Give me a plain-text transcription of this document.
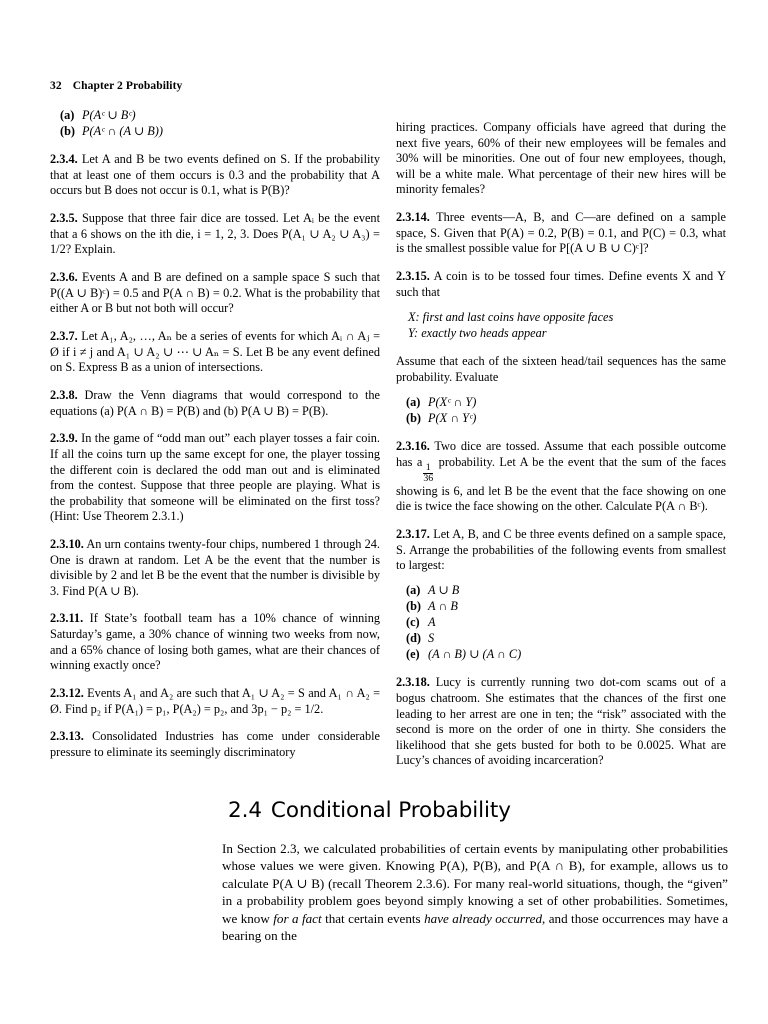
32 Chapter 2 Probability
(a) P(Aᶜ ∪ Bᶜ)
(b) P(Aᶜ ∩ (A ∪ B))

2.3.4. Let A and B be two events defined on S. If the probability that at least one of them occurs is 0.3 and the probability that A occurs but B does not occur is 0.1, what is P(B)?

2.3.5. Suppose that three fair dice are tossed. Let Aᵢ be the event that a 6 shows on the ith die, i = 1, 2, 3. Does P(A₁ ∪ A₂ ∪ A₃) = 1/2? Explain.

2.3.6. Events A and B are defined on a sample space S such that P((A ∪ B)ᶜ) = 0.5 and P(A ∩ B) = 0.2. What is the probability that either A or B but not both will occur?

2.3.7. Let A₁, A₂, …, Aₙ be a series of events for which Aᵢ ∩ Aⱼ = Ø if i ≠ j and A₁ ∪ A₂ ∪ ⋯ ∪ Aₙ = S. Let B be any event defined on S. Express B as a union of intersections.

2.3.8. Draw the Venn diagrams that would correspond to the equations (a) P(A ∩ B) = P(B) and (b) P(A ∪ B) = P(B).

2.3.9. In the game of “odd man out” each player tosses a fair coin. If all the coins turn up the same except for one, the player tossing the different coin is declared the odd man out and is eliminated from the contest. Suppose that three people are playing. What is the probability that someone will be eliminated on the first toss? (Hint: Use Theorem 2.3.1.)

2.3.10. An urn contains twenty-four chips, numbered 1 through 24. One is drawn at random. Let A be the event that the number is divisible by 2 and let B be the event that the number is divisible by 3. Find P(A ∪ B).

2.3.11. If State’s football team has a 10% chance of winning Saturday’s game, a 30% chance of winning two weeks from now, and a 65% chance of losing both games, what are their chances of winning exactly once?

2.3.12. Events A₁ and A₂ are such that A₁ ∪ A₂ = S and A₁ ∩ A₂ = Ø. Find p₂ if P(A₁) = p₁, P(A₂) = p₂, and 3p₁ − p₂ = 1/2.

2.3.13. Consolidated Industries has come under considerable pressure to eliminate its seemingly discriminatory

hiring practices. Company officials have agreed that during the next five years, 60% of their new employees will be females and 30% will be minorities. One out of four new employees, though, will be a white male. What percentage of their new hires will be minority females?

2.3.14. Three events—A, B, and C—are defined on a sample space, S. Given that P(A) = 0.2, P(B) = 0.1, and P(C) = 0.3, what is the smallest possible value for P[(A ∪ B ∪ C)ᶜ]?

2.3.15. A coin is to be tossed four times. Define events X and Y such that

X: first and last coins have opposite faces
Y: exactly two heads appear

Assume that each of the sixteen head/tail sequences has the same probability. Evaluate

(a) P(Xᶜ ∩ Y)
(b) P(X ∩ Yᶜ)

2.3.16. Two dice are tossed. Assume that each possible outcome has a
$\frac{1}{36}$
probability. Let A be the event that the sum of the faces showing is 6, and let B be the event that the face showing on one die is twice the face showing on the other. Calculate P(A ∩ Bᶜ).

2.3.17. Let A, B, and C be three events defined on a sample space, S. Arrange the probabilities of the following events from smallest to largest:

(a) A ∪ B
(b) A ∩ B
(c) A
(d) S
(e) (A ∩ B) ∪ (A ∩ C)

2.3.18. Lucy is currently running two dot-com scams out of a bogus chatroom. She estimates that the chances of the first one leading to her arrest are one in ten; the “risk” associated with the second is more on the order of one in thirty. She considers the likelihood that she gets busted for both to be 0.0025. What are Lucy’s chances of avoiding incarceration?

2.4 Conditional Probability

In Section 2.3, we calculated probabilities of certain events by manipulating other probabilities whose values we were given. Knowing P(A), P(B), and P(A ∩ B), for example, allows us to calculate P(A ∪ B) (recall Theorem 2.3.6). For many real-world situations, though, the “given” in a probability problem goes beyond simply knowing a set of other probabilities. Sometimes, we know for a fact that certain events have already occurred, and those occurrences may have a bearing on the
